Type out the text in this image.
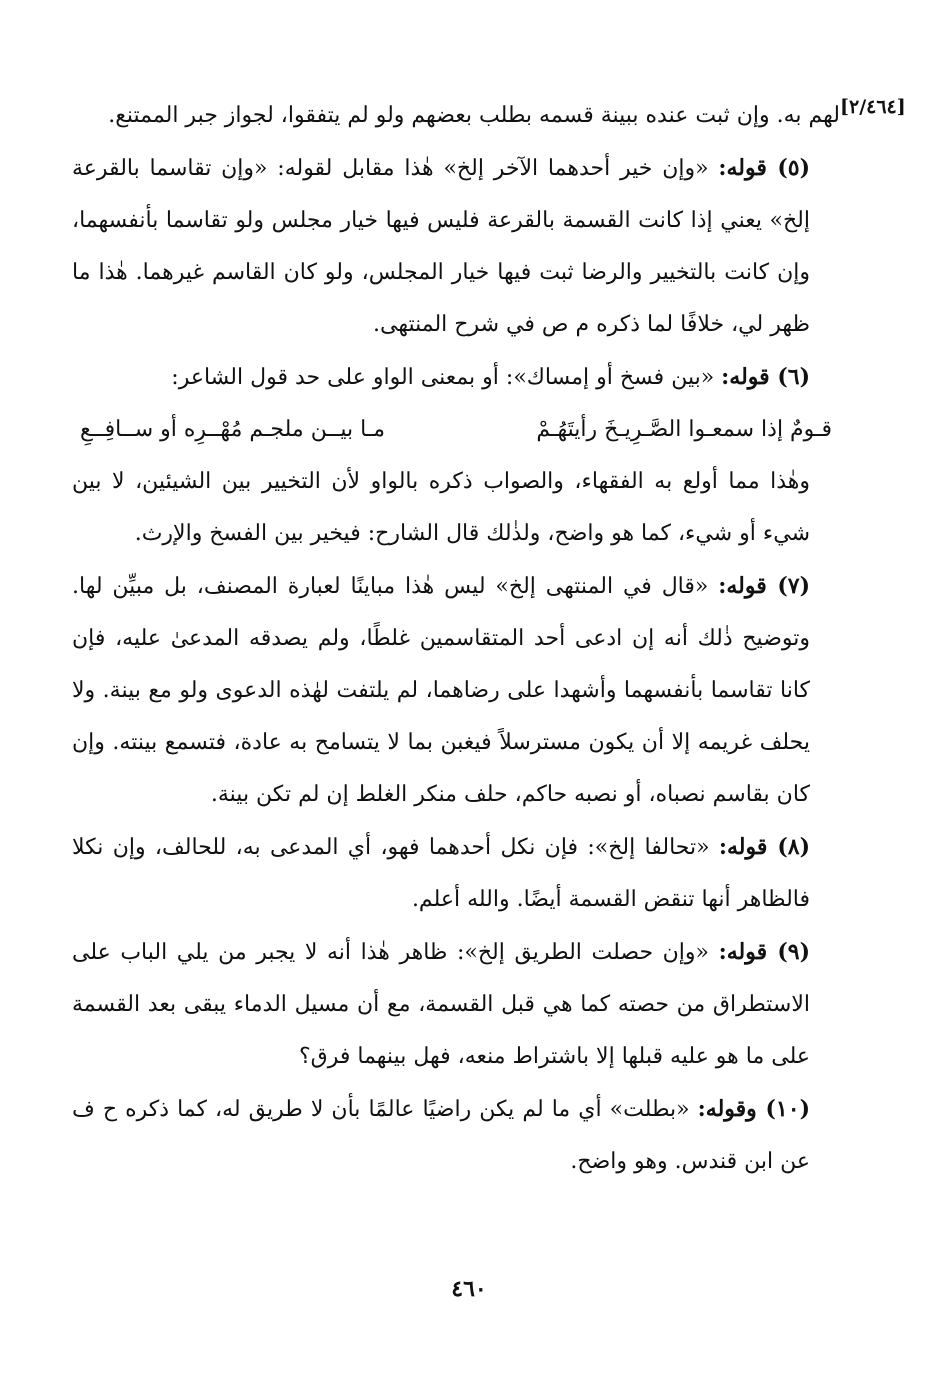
[٢/٤٦٤]

لهم به. وإن ثبت عنده ببينة قسمه بطلب بعضهم ولو لم يتفقوا، لجواز جبر الممتنع.

(٥) قوله: «وإن خير أحدهما الآخر إلخ» هٰذا مقابل لقوله: «وإن تقاسما بالقرعة إلخ» يعني إذا كانت القسمة بالقرعة فليس فيها خيار مجلس ولو تقاسما بأنفسهما، وإن كانت بالتخيير والرضا ثبت فيها خيار المجلس، ولو كان القاسم غيرهما. هٰذا ما ظهر لي، خلافًا لما ذكره م ص في شرح المنتهى.

(٦) قوله: «بين فسخ أو إمساك»: أو بمعنى الواو على حد قول الشاعر:

قـومٌ إذا سمعـوا الصَّـرِيـخَ رأيتَهُـمْ
مـا بيــن ملجـم مُهْــرِه أو ســافِــعِ

وهٰذا مما أولع به الفقهاء، والصواب ذكره بالواو لأن التخيير بين الشيئين، لا بين شيء أو شيء، كما هو واضح، ولذٰلك قال الشارح: فيخير بين الفسخ والإرث.

(٧) قوله: «قال في المنتهى إلخ» ليس هٰذا مباينًا لعبارة المصنف، بل مبيِّن لها. وتوضيح ذٰلك أنه إن ادعى أحد المتقاسمين غلطًا، ولم يصدقه المدعىٰ عليه، فإن كانا تقاسما بأنفسهما وأشهدا على رضاهما، لم يلتفت لهٰذه الدعوى ولو مع بينة. ولا يحلف غريمه إلا أن يكون مسترسلاً فيغبن بما لا يتسامح به عادة، فتسمع بينته. وإن كان بقاسم نصباه، أو نصبه حاكم، حلف منكر الغلط إن لم تكن بينة.

(٨) قوله: «تحالفا إلخ»: فإن نكل أحدهما فهو، أي المدعى به، للحالف، وإن نكلا فالظاهر أنها تنقض القسمة أيضًا. والله أعلم.

(٩) قوله: «وإن حصلت الطريق إلخ»: ظاهر هٰذا أنه لا يجبر من يلي الباب على الاستطراق من حصته كما هي قبل القسمة، مع أن مسيل الدماء يبقى بعد القسمة على ما هو عليه قبلها إلا باشتراط منعه، فهل بينهما فرق؟

(١٠) وقوله: «بطلت» أي ما لم يكن راضيًا عالمًا بأن لا طريق له، كما ذكره ح ف عن ابن قندس. وهو واضح.

٤٦٠
